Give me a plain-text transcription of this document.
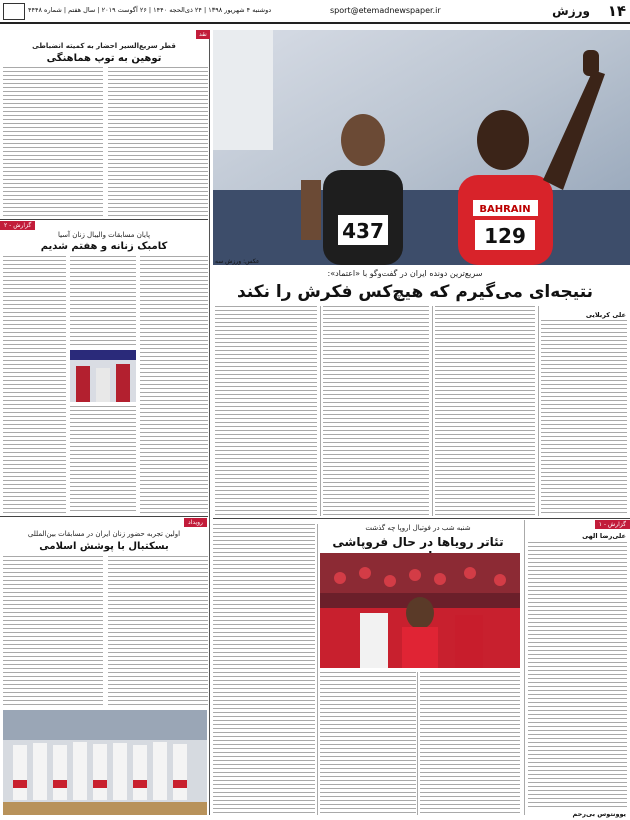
۱۴
ورزش
sport@etemadnewspaper.ir
دوشنبه ۴ شهریور ۱۳۹۸ | ۲۴ ذی‌الحجه ۱۴۴۰ | ۲۶ آگوست ۲۰۱۹ | سال هفتم | شماره ۴۴۴۸
437
BAHRAIN
129
عکس: ورزش سه
سریع‌ترین دونده ایران در گفت‌وگو با «اعتماد»:
نتیجه‌ای می‌گیرم که هیچ‌کس فکرش را نکند
علی کربلایی
گزارش - ۱
علی‌رضا الهی
یوونتوس بی‌رحم
شنبه شب در فوتبال اروپا چه گذشت
تئاتر رویاها در حال فروپاشی
نقد
قطر سریع‌السیر احضار به کمیته انضباطی
توهین به توپ هماهنگی
گزارش - ۲
پایان مسابقات والیبال زنان آسیا
کامبک زنانه و هفتم شدیم
رویداد
اولین تجربه حضور زنان ایران در مسابقات بین‌المللی
بسکتبال با پوشش اسلامی
